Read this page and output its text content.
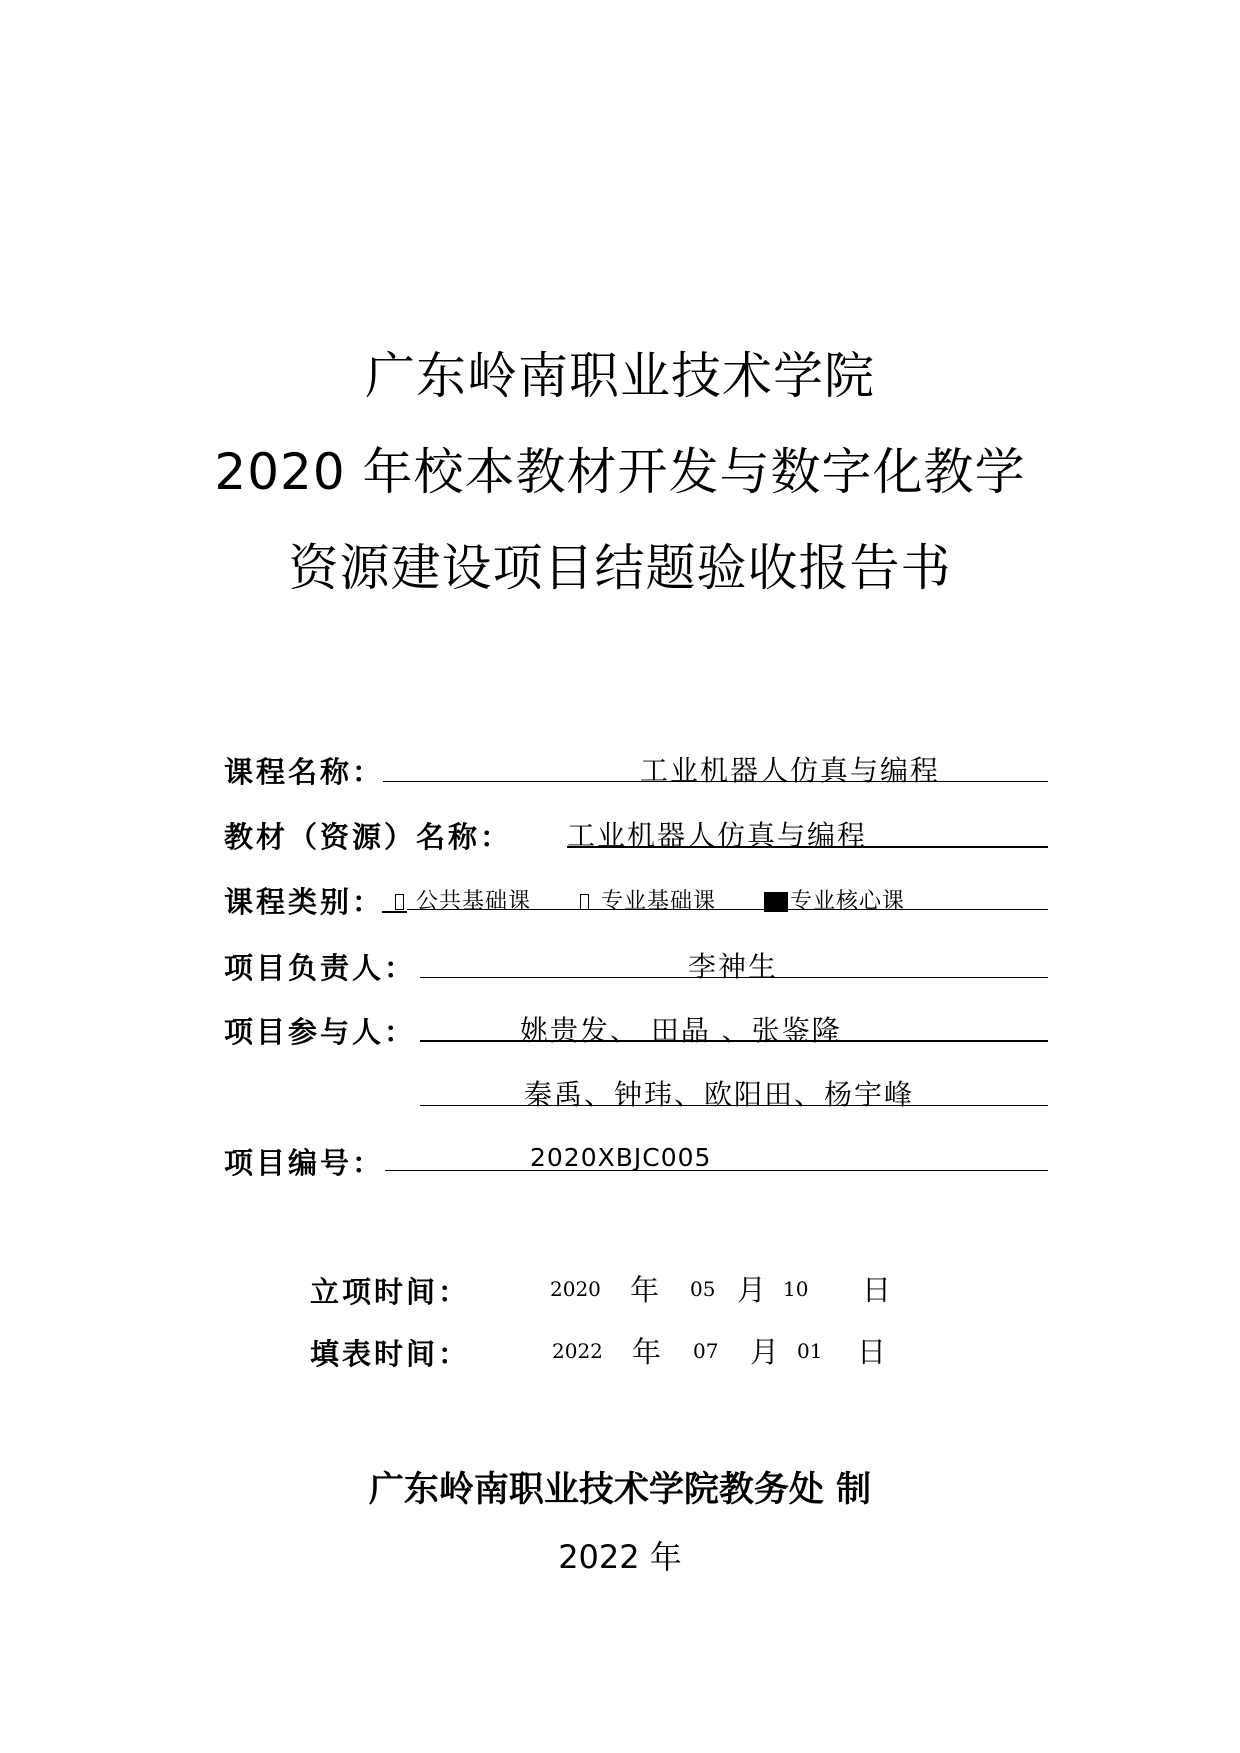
广东岭南职业技术学院
2020 年校本教材开发与数字化教学
资源建设项目结题验收报告书
课程名称：	工业机器人仿真与编程
教材（资源）名称： 工业机器人仿真与编程
课程类别：	公共基础课	专业基础课	专业核心课
项目负责人：	李神生
项目参与人：	姚贵发、 田晶 、张鉴隆
秦禹、钟玮、欧阳田、杨宇峰
项目编号：	2020XBJC005
立项时间：	2020 年 05 月 10 日
填表时间：	2022 年 07 月 01 日
广东岭南职业技术学院教务处 制
2022 年
